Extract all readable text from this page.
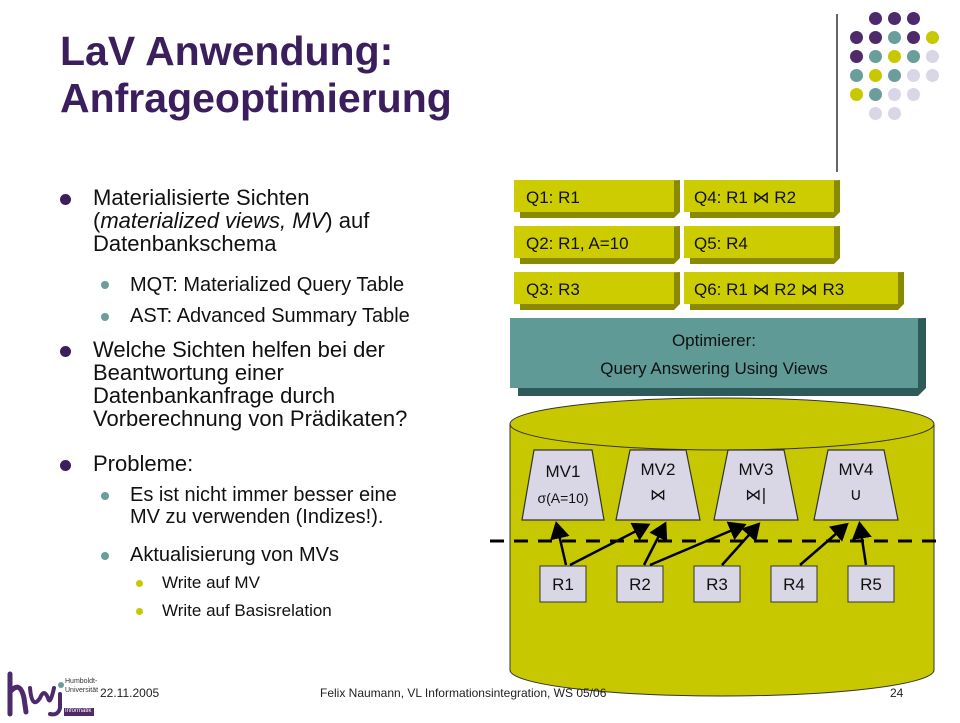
LaV Anwendung:
Anfrageoptimierung
Materialisierte Sichten
(materialized views, MV) auf
Datenbankschema
MQT: Materialized Query Table
AST: Advanced Summary Table
Welche Sichten helfen bei der
Beantwortung einer
Datenbankanfrage durch
Vorberechnung von Prädikaten?
Probleme:
Es ist nicht immer besser eine
MV zu verwenden (Indizes!).
Aktualisierung von MVs
Write auf MV
Write auf Basisrelation
Q1: R1
Q2: R1, A=10
Q3: R3
Q4: R1 ⋈ R2
Q5: R4
Q6: R1 ⋈ R2 ⋈ R3
Optimierer:
Query Answering Using Views
MV1
σ(A=10)
MV2
⋈
MV3
⋈|
MV4
∪
R1	R2	R3	R4	R5
Humboldt-
Universität
Informatik
22.11.2005	Felix Naumann, VL Informationsintegration, WS 05/06	24
